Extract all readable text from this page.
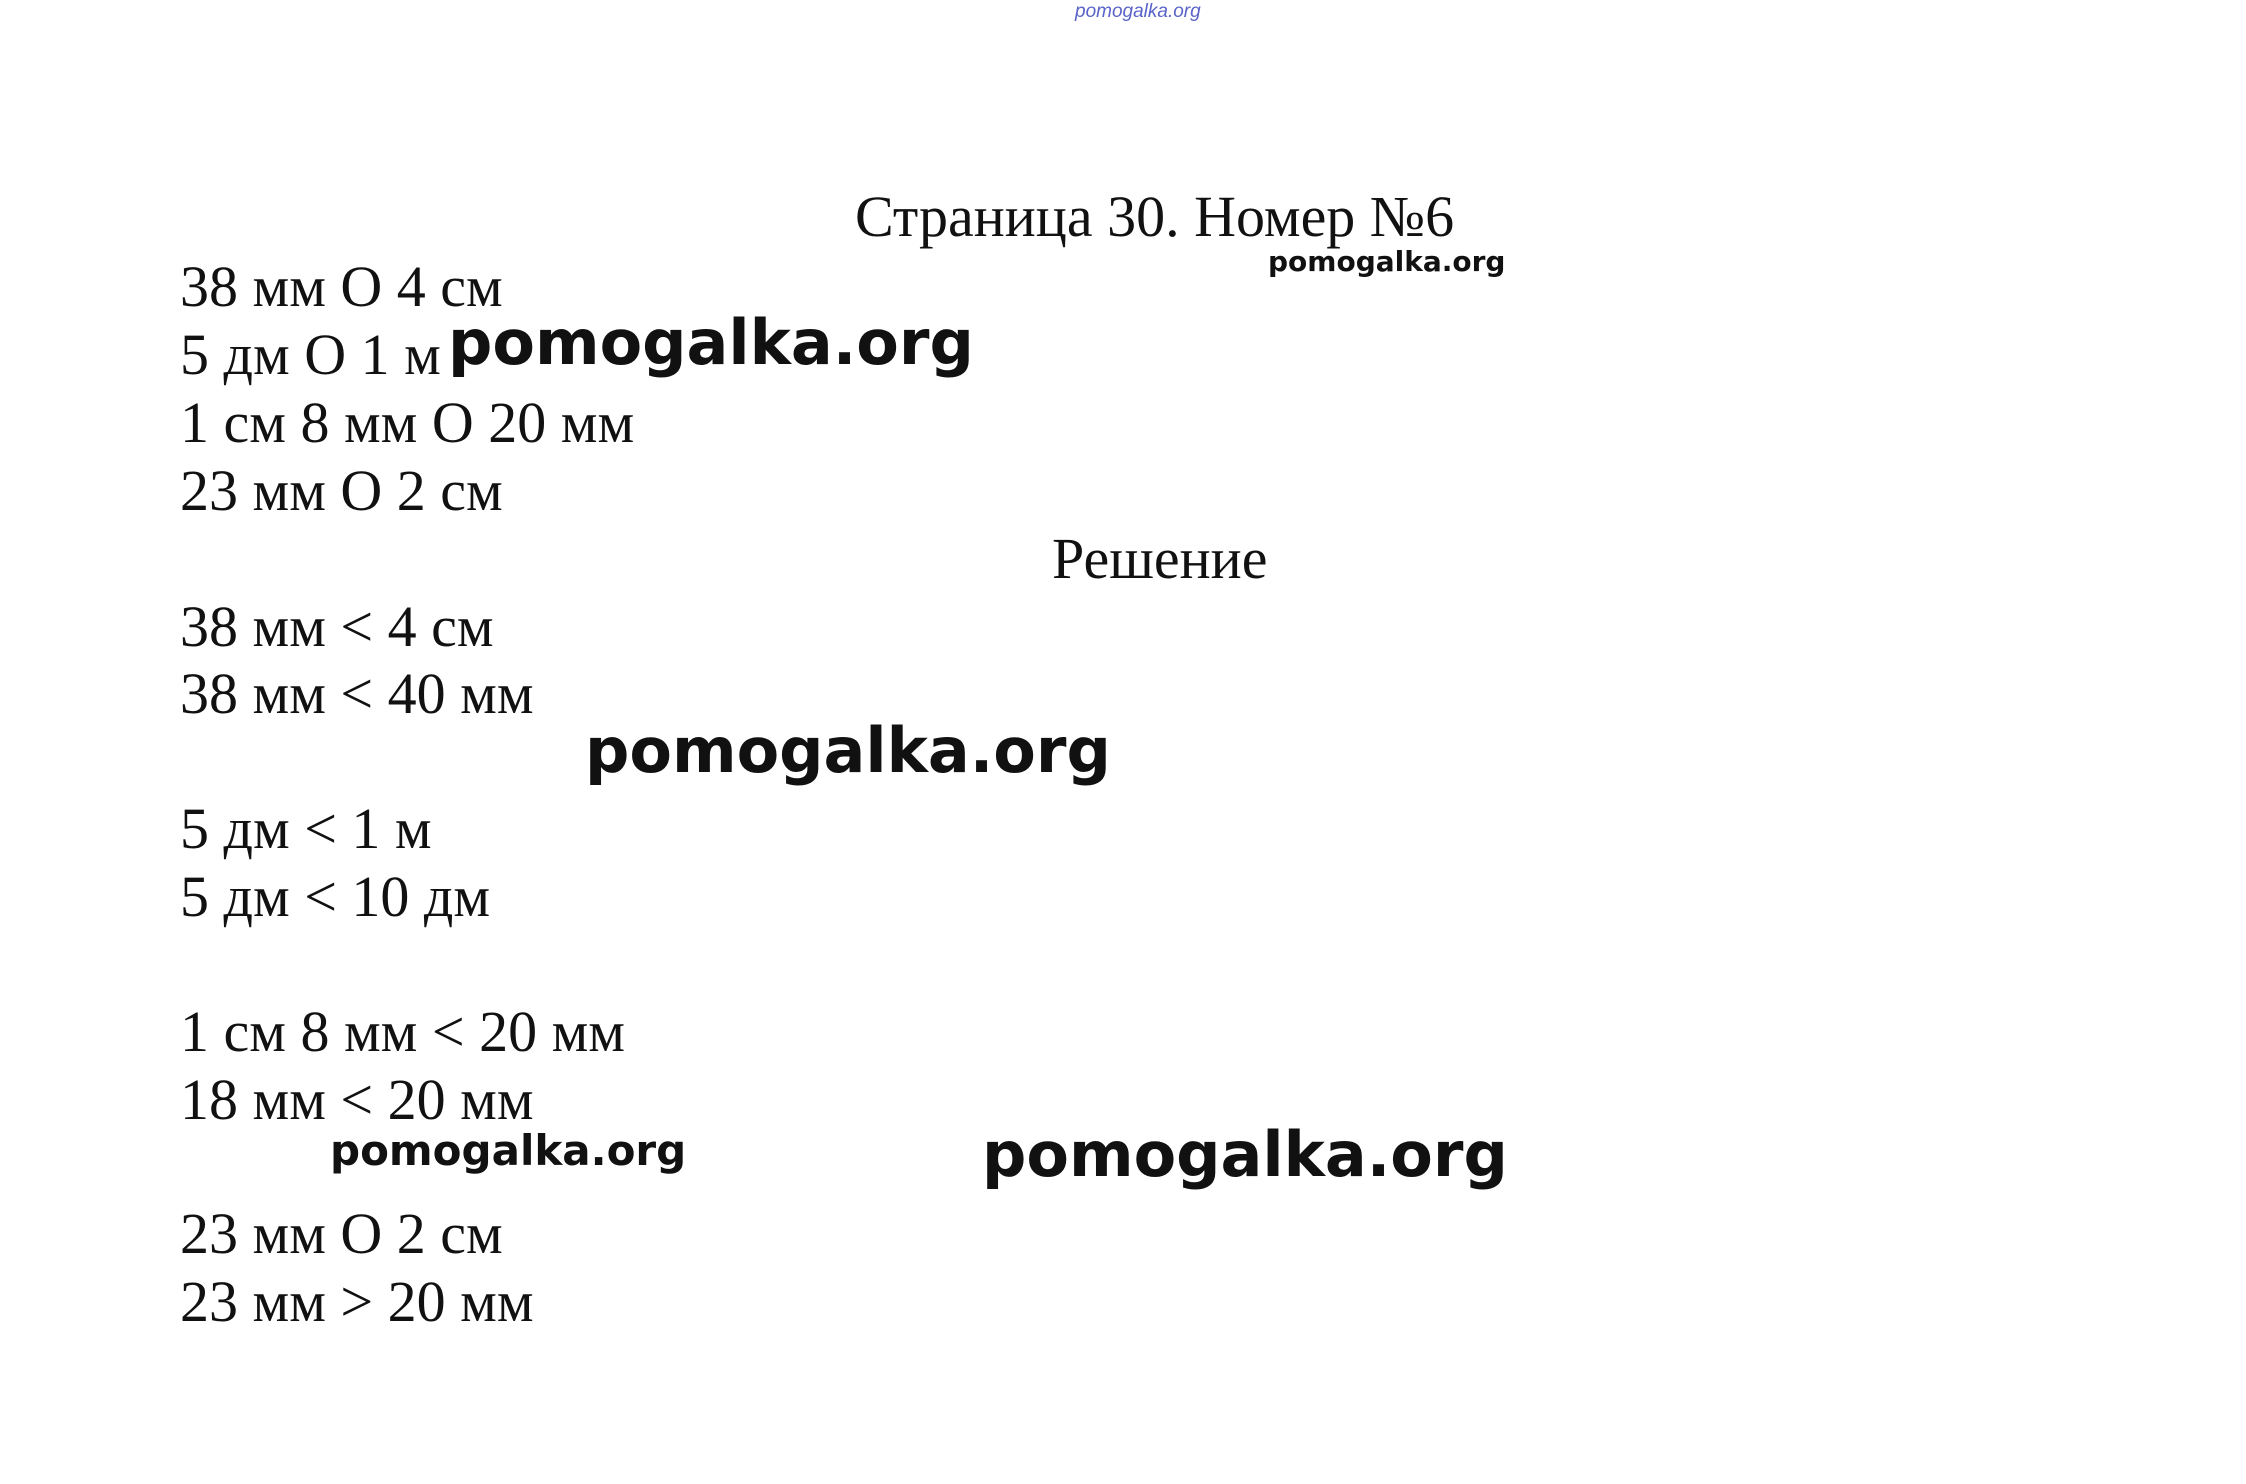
pomogalka.org
Страница 30. Номер №6
pomogalka.org
38 мм О 4 см
5 дм О 1 м pomogalka.org
1 см 8 мм О 20 мм
23 мм О 2 см
Решение
38 мм < 4 см
38 мм < 40 мм
pomogalka.org
5 дм < 1 м
5 дм < 10 дм
1 см 8 мм < 20 мм
18 мм < 20 мм
pomogalka.org	pomogalka.org
23 мм О 2 см
23 мм > 20 мм
